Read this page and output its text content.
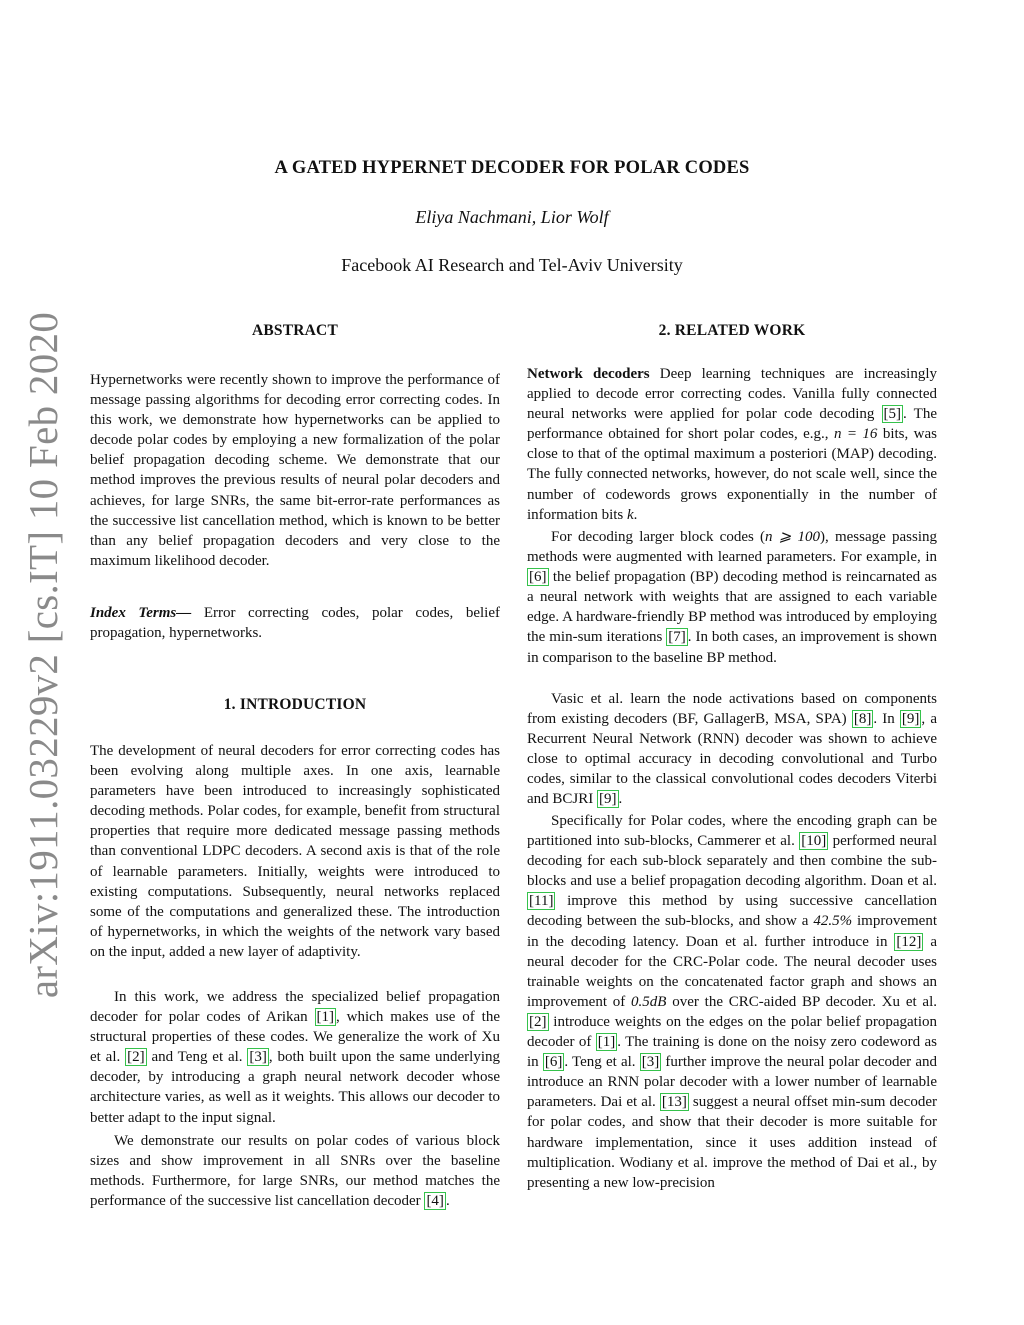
arXiv:1911.03229v2 [cs.IT] 10 Feb 2020
A GATED HYPERNET DECODER FOR POLAR CODES
Eliya Nachmani, Lior Wolf
Facebook AI Research and Tel-Aviv University
ABSTRACT

Hypernetworks were recently shown to improve the performance of message passing algorithms for decoding error correcting codes. In this work, we demonstrate how hypernetworks can be applied to decode polar codes by employing a new formalization of the polar belief propagation decoding scheme. We demonstrate that our method improves the previous results of neural polar decoders and achieves, for large SNRs, the same bit-error-rate performances as the successive list cancellation method, which is known to be better than any belief propagation decoders and very close to the maximum likelihood decoder.

Index Terms— Error correcting codes, polar codes, belief propagation, hypernetworks.

1. INTRODUCTION

The development of neural decoders for error correcting codes has been evolving along multiple axes. In one axis, learnable parameters have been introduced to increasingly sophisticated decoding methods. Polar codes, for example, benefit from structural properties that require more dedicated message passing methods than conventional LDPC decoders. A second axis is that of the role of learnable parameters. Initially, weights were introduced to existing computations. Subsequently, neural networks replaced some of the computations and generalized these. The introduction of hypernetworks, in which the weights of the network vary based on the input, added a new layer of adaptivity.

In this work, we address the specialized belief propagation decoder for polar codes of Arikan [1] , which makes use of the structural properties of these codes. We generalize the work of Xu et al. [2] and Teng et al. [3] , both built upon the same underlying decoder, by introducing a graph neural network decoder whose architecture varies, as well as it weights. This allows our decoder to better adapt to the input signal.

We demonstrate our results on polar codes of various block sizes and show improvement in all SNRs over the baseline methods. Furthermore, for large SNRs, our method matches the performance of the successive list cancellation decoder [4] .

2. RELATED WORK

Network decoders Deep learning techniques are increasingly applied to decode error correcting codes. Vanilla fully connected neural networks were applied for polar code decoding [5] . The performance obtained for short polar codes, e.g., n = 16 bits, was close to that of the optimal maximum a posteriori (MAP) decoding. The fully connected networks, however, do not scale well, since the number of codewords grows exponentially in the number of information bits k.

For decoding larger block codes (n ⩾ 100), message passing methods were augmented with learned parameters. For example, in [6] the belief propagation (BP) decoding method is reincarnated as a neural network with weights that are assigned to each variable edge. A hardware-friendly BP method was introduced by employing the min-sum iterations [7] . In both cases, an improvement is shown in comparison to the baseline BP method.

Vasic et al. learn the node activations based on components from existing decoders (BF, GallagerB, MSA, SPA) [8] . In [9] , a Recurrent Neural Network (RNN) decoder was shown to achieve close to optimal accuracy in decoding convolutional and Turbo codes, similar to the classical convolutional codes decoders Viterbi and BCJRI [9] .

Specifically for Polar codes, where the encoding graph can be partitioned into sub-blocks, Cammerer et al. [10] performed neural decoding for each sub-block separately and then combine the sub-blocks and use a belief propagation decoding algorithm. Doan et al. [11] improve this method by using successive cancellation decoding between the sub-blocks, and show a 42.5% improvement in the decoding latency. Doan et al. further introduce in [12] a neural decoder for the CRC-Polar code. The neural decoder uses trainable weights on the concatenated factor graph and shows an improvement of 0.5dB over the CRC-aided BP decoder. Xu et al. [2] introduce weights on the edges on the polar belief propagation decoder of [1] . The training is done on the noisy zero codeword as in [6] . Teng et al. [3] further improve the neural polar decoder and introduce an RNN polar decoder with a lower number of learnable parameters. Dai et al. [13] suggest a neural offset min-sum decoder for polar codes, and show that their decoder is more suitable for hardware implementation, since it uses addition instead of multiplication. Wodiany et al. improve the method of Dai et al., by presenting a new low-precision
